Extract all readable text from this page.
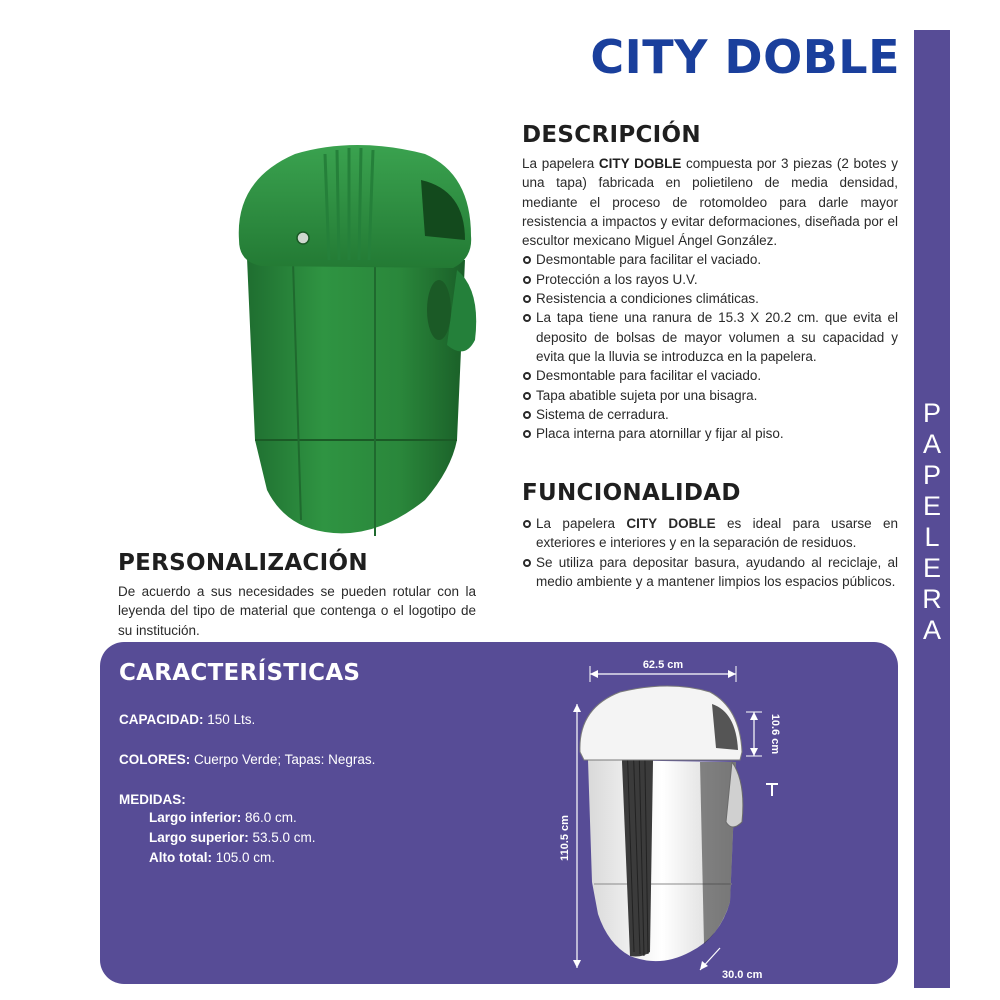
CITY DOBLE
P
A
P
E
L
E
R
A
DESCRIPCIÓN

La papelera CITY DOBLE compuesta por 3 piezas (2 botes y una tapa) fabricada en polietileno de media densidad, mediante el proceso de rotomoldeo para darle mayor resistencia a impactos y evitar deformaciones, diseñada por el escultor mexicano Miguel Ángel González.

Desmontable para facilitar el vaciado.
Protección a los rayos U.V.
Resistencia a condiciones climáticas.
La tapa tiene una ranura de 15.3 X 20.2 cm. que evita el deposito de bolsas de mayor volumen a su capacidad y evita que la lluvia se introduzca en la papelera.
Desmontable para facilitar el vaciado.
Tapa abatible sujeta por una bisagra.
Sistema de cerradura.
Placa interna para atornillar y fijar al piso.
FUNCIONALIDAD
La papelera CITY DOBLE es ideal para usarse en exteriores e interiores y en la separación de residuos.
Se utiliza para depositar basura, ayudando al reciclaje, al medio ambiente y a mantener limpios los espacios públicos.
PERSONALIZACIÓN

De acuerdo a sus necesidades se pueden rotular con la leyenda del tipo de material que contenga o el logotipo de su institución.

CARACTERÍSTICAS
CAPACIDAD: 150 Lts.
COLORES: Cuerpo Verde; Tapas: Negras.
MEDIDAS:
Largo inferior: 86.0 cm.
Largo superior: 53.5.0 cm.
Alto total: 105.0 cm.
62.5 cm
110.5 cm
10.6 cm
30.0 cm
